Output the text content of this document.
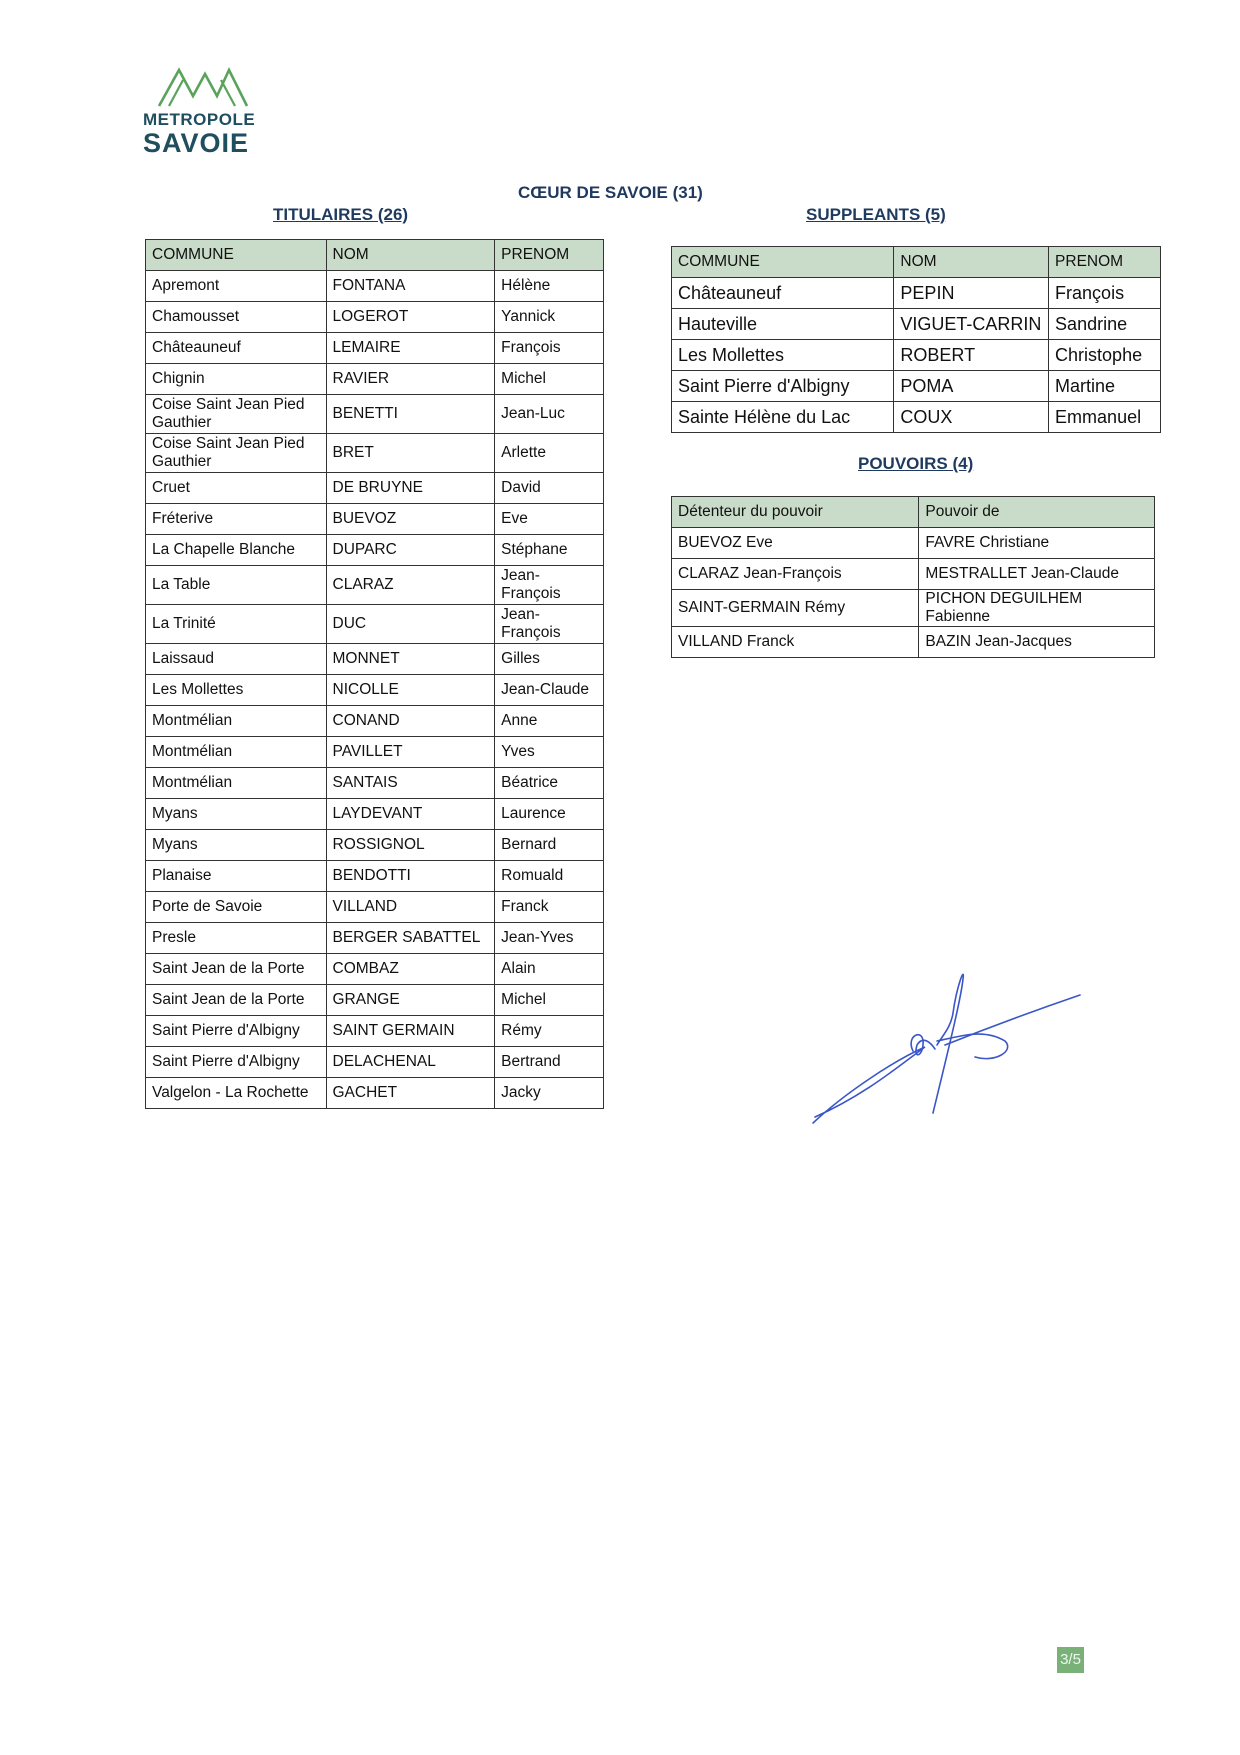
METROPOLE
SAVOIE
CŒUR DE SAVOIE (31)
TITULAIRES (26)	SUPPLEANTS (5)
POUVOIRS (4)
COMMUNE	NOM	PRENOM
Apremont	FONTANA	Hélène
Chamousset	LOGEROT	Yannick
Châteauneuf	LEMAIRE	François
Chignin	RAVIER	Michel
Coise Saint Jean Pied Gauthier	BENETTI	Jean-Luc
Coise Saint Jean Pied Gauthier	BRET	Arlette
Cruet	DE BRUYNE	David
Fréterive	BUEVOZ	Eve
La Chapelle Blanche	DUPARC	Stéphane
La Table	CLARAZ	Jean-François
La Trinité	DUC	Jean-François
Laissaud	MONNET	Gilles
Les Mollettes	NICOLLE	Jean-Claude
Montmélian	CONAND	Anne
Montmélian	PAVILLET	Yves
Montmélian	SANTAIS	Béatrice
Myans	LAYDEVANT	Laurence
Myans	ROSSIGNOL	Bernard
Planaise	BENDOTTI	Romuald
Porte de Savoie	VILLAND	Franck
Presle	BERGER SABATTEL	Jean-Yves
Saint Jean de la Porte	COMBAZ	Alain
Saint Jean de la Porte	GRANGE	Michel
Saint Pierre d'Albigny	SAINT GERMAIN	Rémy
Saint Pierre d'Albigny	DELACHENAL	Bertrand
Valgelon - La Rochette	GACHET	Jacky
COMMUNE	NOM	PRENOM
Châteauneuf	PEPIN	François
Hauteville	VIGUET-CARRIN	Sandrine
Les Mollettes	ROBERT	Christophe
Saint Pierre d'Albigny	POMA	Martine
Sainte Hélène du Lac	COUX	Emmanuel
Détenteur du pouvoir	Pouvoir de
BUEVOZ Eve	FAVRE Christiane
CLARAZ Jean-François	MESTRALLET Jean-Claude
SAINT-GERMAIN Rémy	PICHON DEGUILHEM Fabienne
VILLAND Franck	BAZIN Jean-Jacques
3/5
